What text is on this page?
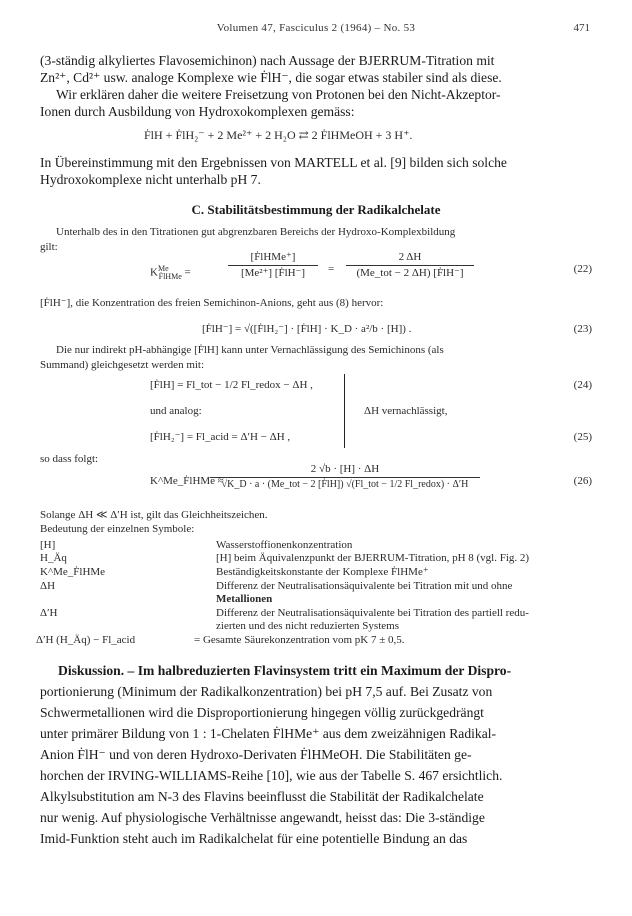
Volumen 47, Fasciculus 2 (1964) – No. 53	471
(3-ständig alkyliertes Flavosemichinon) nach Aussage der BJERRUM-Titration mit
Zn²⁺, Cd²⁺ usw. analoge Komplexe wie ḞlH⁻, die sogar etwas stabiler sind als diese.
Wir erklären daher die weitere Freisetzung von Protonen bei den Nicht-Akzeptor-
Ionen durch Ausbildung von Hydroxokomplexen gemäss:
ḞlH + ḞlH₂⁻ + 2 Me²⁺ + 2 H₂O ⇄ 2 ḞlHMeOH + 3 H⁺.
In Übereinstimmung mit den Ergebnissen von MARTELL et al. [9] bilden sich solche
Hydroxokomplexe nicht unterhalb pH 7.
C. Stabilitätsbestimmung der Radikalchelate
Unterhalb des in den Titrationen gut abgrenzbaren Bereichs der Hydroxo-Komplexbildung
gilt:
$K^{Me}_{ḞlHMe}$ =
[ḞlHMe⁺]
[Me²⁺] [ḞlH⁻]	=
2 ΔH
(Me_tot − 2 ΔH) [ḞlH⁻]	(22)
[ḞlH⁻], die Konzentration des freien Semichinon-Anions, geht aus (8) hervor:
[ḞlH⁻] = √([ḞlH₂⁻] · [ḞlH] · K_D · a²/b · [H]) .	(23)
Die nur indirekt pH-abhängige [ḞlH] kann unter Vernachlässigung des Semichinons (als
Summand) gleichgesetzt werden mit:
[ḞlH] = Fl_tot − 1/2 Fl_redox − ΔH ,	(24)
und analog:	ΔH vernachlässigt,
[ḞlH₂⁻] = Fl_acid = Δ′H − ΔH ,	(25)
so dass folgt:
K^Me_ḞlHMe ≈
2 √b · [H] · ΔH
√K_D · a · (Me_tot − 2 [ḞlH]) √(Fl_tot − 1/2 Fl_redox) · Δ′H	(26)
Solange ΔH ≪ Δ′H ist, gilt das Gleichheitszeichen.
Bedeutung der einzelnen Symbole:
[H]	Wasserstoffionenkonzentration
H_Äq	[H] beim Äquivalenzpunkt der BJERRUM-Titration, pH 8 (vgl. Fig. 2)
K^Me_ḞlHMe	Beständigkeitskonstante der Komplexe ḞlHMe⁺
ΔH	Differenz der Neutralisationsäquivalente bei Titration mit und ohne
Metallionen
Δ′H	Differenz der Neutralisationsäquivalente bei Titration des partiell redu-
zierten und des nicht reduzierten Systems
Δ′H (H_Äq) − Fl_acid	= Gesamte Säurekonzentration vom pK 7 ± 0,5.
Diskussion. – Im halbreduzierten Flavinsystem tritt ein Maximum der Dispro-
portionierung (Minimum der Radikalkonzentration) bei pH 7,5 auf. Bei Zusatz von
Schwermetallionen wird die Disproportionierung hingegen völlig zurückgedrängt
unter primärer Bildung von 1 : 1-Chelaten ḞlHMe⁺ aus dem zweizähnigen Radikal-
Anion ḞlH⁻ und von deren Hydroxo-Derivaten ḞlHMeOH. Die Stabilitäten ge-
horchen der IRVING-WILLIAMS-Reihe [10], wie aus der Tabelle S. 467 ersichtlich.
Alkylsubstitution am N-3 des Flavins beeinflusst die Stabilität der Radikalchelate
nur wenig. Auf physiologische Verhältnisse angewandt, heisst das: Die 3-ständige
Imid-Funktion steht auch im Radikalchelat für eine potentielle Bindung an das
